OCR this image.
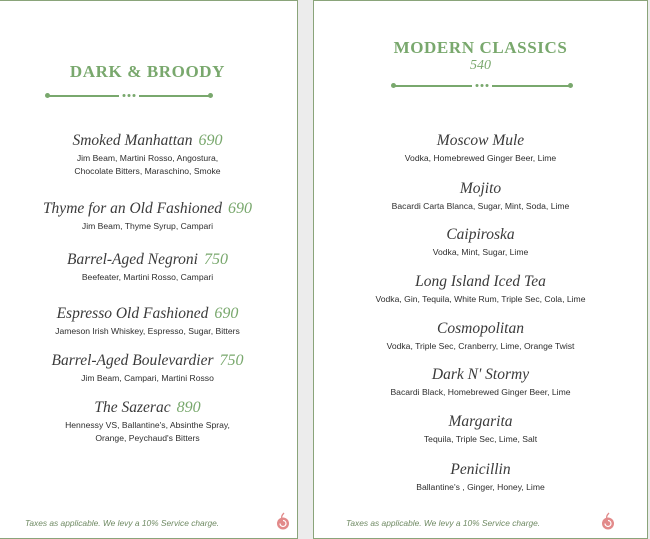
DARK & BROODY
Smoked Manhattan 690
Jim Beam, Martini Rosso, Angostura,
Chocolate Bitters, Maraschino, Smoke
Thyme for an Old Fashioned 690
Jim Beam, Thyme Syrup, Campari
Barrel-Aged Negroni 750
Beefeater, Martini Rosso, Campari
Espresso Old Fashioned 690
Jameson Irish Whiskey, Espresso, Sugar, Bitters
Barrel-Aged Boulevardier 750
Jim Beam, Campari, Martini Rosso
The Sazerac 890
Hennessy VS, Ballantine's, Absinthe Spray,
Orange, Peychaud's Bitters
Taxes as applicable. We levy a 10% Service charge.
MODERN CLASSICS
540
Moscow Mule
Vodka, Homebrewed Ginger Beer, Lime
Mojito
Bacardi Carta Blanca, Sugar, Mint, Soda, Lime
Caipiroska
Vodka, Mint, Sugar, Lime
Long Island Iced Tea
Vodka, Gin, Tequila, White Rum, Triple Sec, Cola, Lime
Cosmopolitan
Vodka, Triple Sec, Cranberry, Lime, Orange Twist
Dark N' Stormy
Bacardi Black, Homebrewed Ginger Beer, Lime
Margarita
Tequila, Triple Sec, Lime, Salt
Penicillin
Ballantine's , Ginger, Honey, Lime
Taxes as applicable. We levy a 10% Service charge.
